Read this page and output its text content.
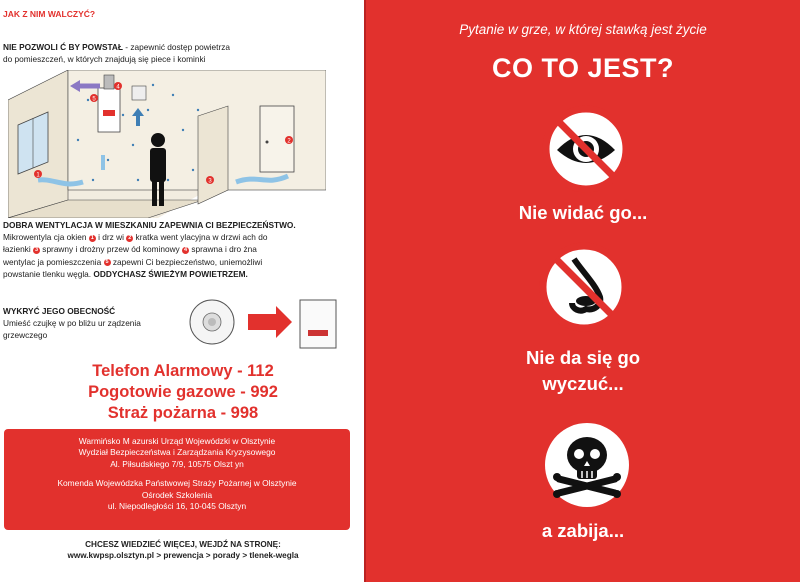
JAK Z NIM WALCZYĆ?
NIE POZWOLI Ć BY POWSTAŁ - zapewnić dostęp powietrza
do pomieszczeń, w których znajdują się piece i kominki
1
2
3
4
5
DOBRA WENTYLACJA W MIESZKANIU ZAPEWNIA CI BEZPIECZEŃSTWO.
Mikrowentyla cja okien 1 i drz wi 2 kratka went ylacyjna w drzwi ach do
łazienki 3 sprawny i drożny przew ód kominowy 4 sprawna i dro żna
wentylac ja pomieszczenia 5 zapewni Ci bezpieczeństwo, uniemożliwi
powstanie tlenku węgla. ODDYCHASZ ŚWIEŻYM POWIETRZEM.
WYKRYĆ JEGO OBECNOŚĆ
Umieść czujkę w po bliżu ur ządzenia
grzewczego
Telefon Alarmowy - 112
Pogotowie gazowe - 992
Straż pożarna - 998
Warmińsko M azurski Urząd Wojewódzki w Olsztynie
Wydział Bezpieczeństwa i Zarządzania Kryzysowego
Al. Piłsudskiego 7/9, 10575 Olszt yn
Komenda Wojewódzka Państwowej Straży Pożarnej w Olsztynie
Ośrodek Szkolenia
ul. Niepodległości 16, 10-045 Olsztyn
CHCESZ WIEDZIEĆ WIĘCEJ, WEJDŹ NA STRONĘ:
www.kwpsp.olsztyn.pl > prewencja > porady > tlenek-wegla
Pytanie w grze, w której stawką jest życie
CO TO JEST?
Nie widać go...
Nie da się go
wyczuć...
a zabija...
